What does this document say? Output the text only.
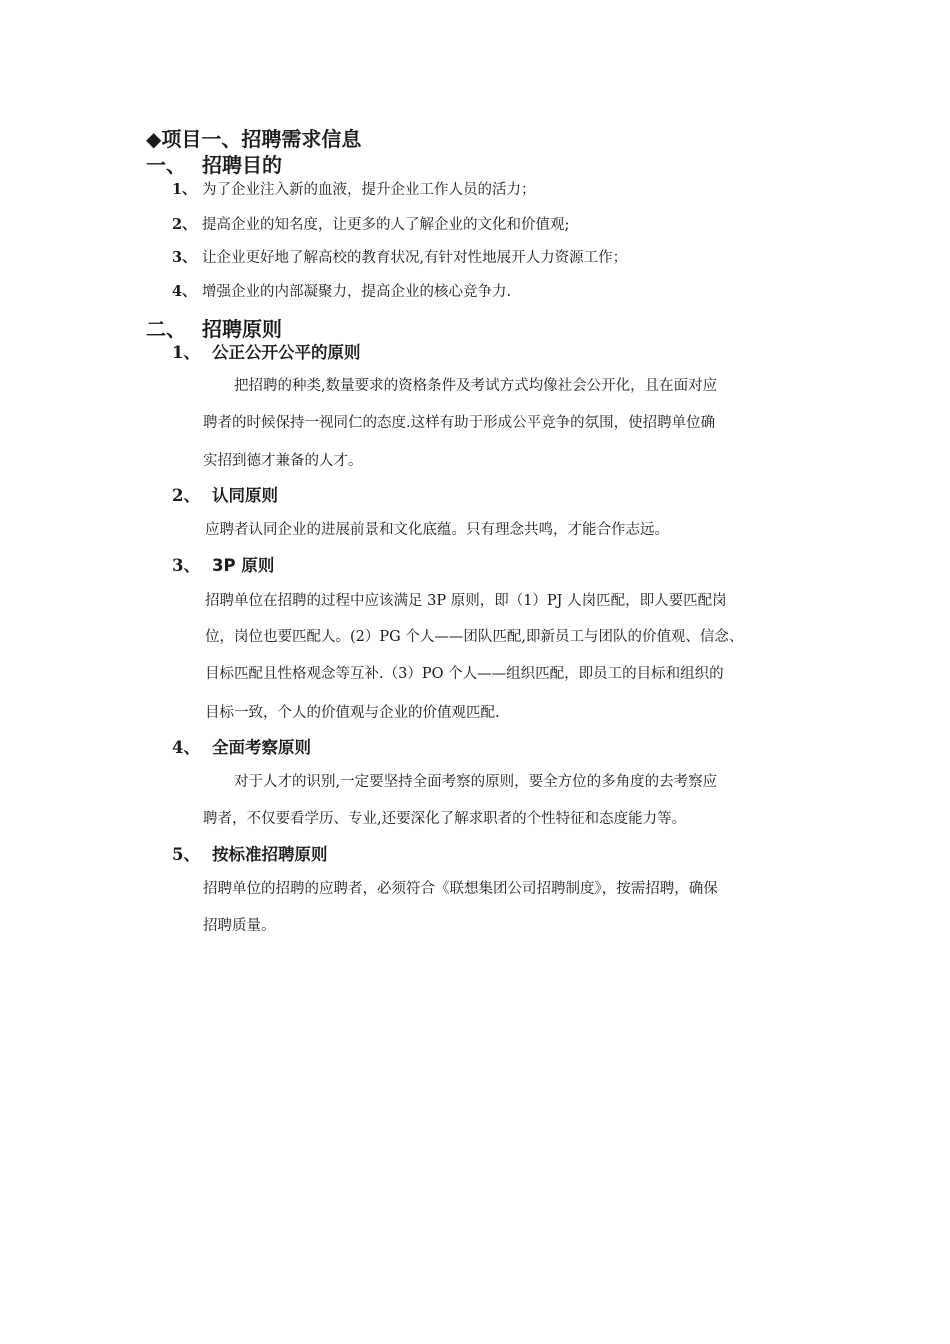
◆项目一、招聘需求信息
一、 招聘目的
1、 为了企业注入新的血液，提升企业工作人员的活力；
2、 提高企业的知名度，让更多的人了解企业的文化和价值观;
3、 让企业更好地了解高校的教育状况,有针对性地展开人力资源工作；
4、 增强企业的内部凝聚力，提高企业的核心竞争力.
二、 招聘原则
1、 公正公开公平的原则
把招聘的种类,数量要求的资格条件及考试方式均像社会公开化，且在面对应
聘者的时候保持一视同仁的态度.这样有助于形成公平竞争的氛围，使招聘单位确
实招到德才兼备的人才。
2、 认同原则
应聘者认同企业的进展前景和文化底蕴。只有理念共鸣，才能合作志远。
3、 3P 原则
招聘单位在招聘的过程中应该满足 3P 原则，即（1）PJ 人岗匹配，即人要匹配岗
位，岗位也要匹配人。(2）PG 个人——团队匹配,即新员工与团队的价值观、信念、
目标匹配且性格观念等互补.（3）PO 个人——组织匹配，即员工的目标和组织的
目标一致，个人的价值观与企业的价值观匹配.
4、 全面考察原则
对于人才的识别,一定要坚持全面考察的原则，要全方位的多角度的去考察应
聘者，不仅要看学历、专业,还要深化了解求职者的个性特征和态度能力等。
5、 按标准招聘原则
招聘单位的招聘的应聘者，必须符合《联想集团公司招聘制度》，按需招聘，确保
招聘质量。
